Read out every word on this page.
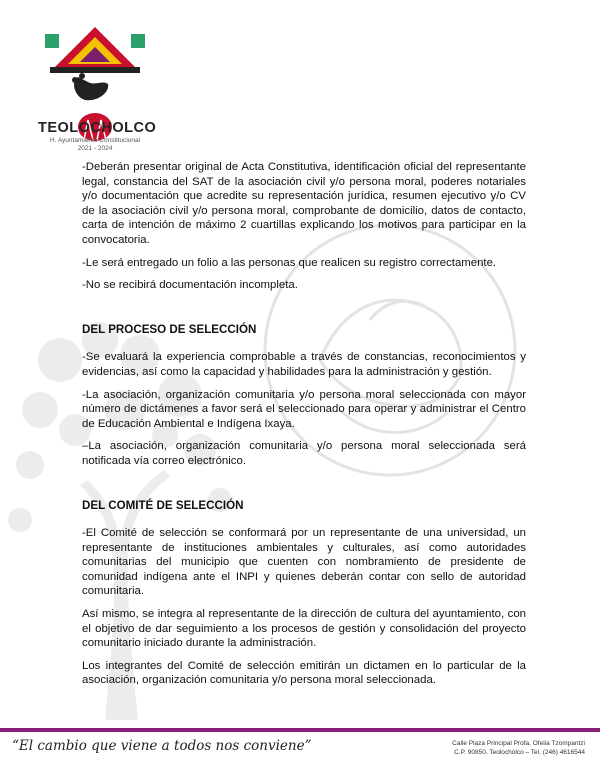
TEOLOCHOLCO
H. Ayuntamiento Constitucional
2021 - 2024

-Deberán presentar original de Acta Constitutiva, identificación oficial del representante legal, constancia del SAT de la asociación civil y/o persona moral, poderes notariales y/o documentación que acredite su representación jurídica, resumen ejecutivo y/o CV de la asociación civil y/o persona moral, comprobante de domicilio, datos de contacto, carta de intención de máximo 2 cuartillas explicando los motivos para participar en la convocatoria.

-Le será entregado un folio a las personas que realicen su registro correctamente.

-No se recibirá documentación incompleta.

DEL PROCESO DE SELECCIÓN

-Se evaluará la experiencia comprobable a través de constancias, reconocimientos y evidencias, así como la capacidad y habilidades para la administración y gestión.

-La asociación, organización comunitaria y/o persona moral seleccionada con mayor número de dictámenes a favor será el seleccionado para operar y administrar el Centro de Educación Ambiental e Indígena Ixaya.

–La asociación, organización comunitaria y/o persona moral seleccionada será notificada vía correo electrónico.

DEL COMITÉ DE SELECCIÓN

-El Comité de selección se conformará por un representante de una universidad, un representante de instituciones ambientales y culturales, así como autoridades comunitarias del municipio que cuenten con nombramiento de presidente de comunidad indígena ante el INPI y quienes deberán contar con sello de autoridad comunitaria.

Así mismo, se integra al representante de la dirección de cultura del ayuntamiento, con el objetivo de dar seguimiento a los procesos de gestión y consolidación del proyecto comunitario iniciado durante la administración.

Los integrantes del Comité de selección emitirán un dictamen en lo particular de la asociación, organización comunitaria y/o persona moral seleccionada.

“El cambio que viene a todos nos conviene”	Calle Plaza Principal Profa. Ofelia Tzompantzi
C.P. 90850, Teolocholco – Tel. (246) 4616544
